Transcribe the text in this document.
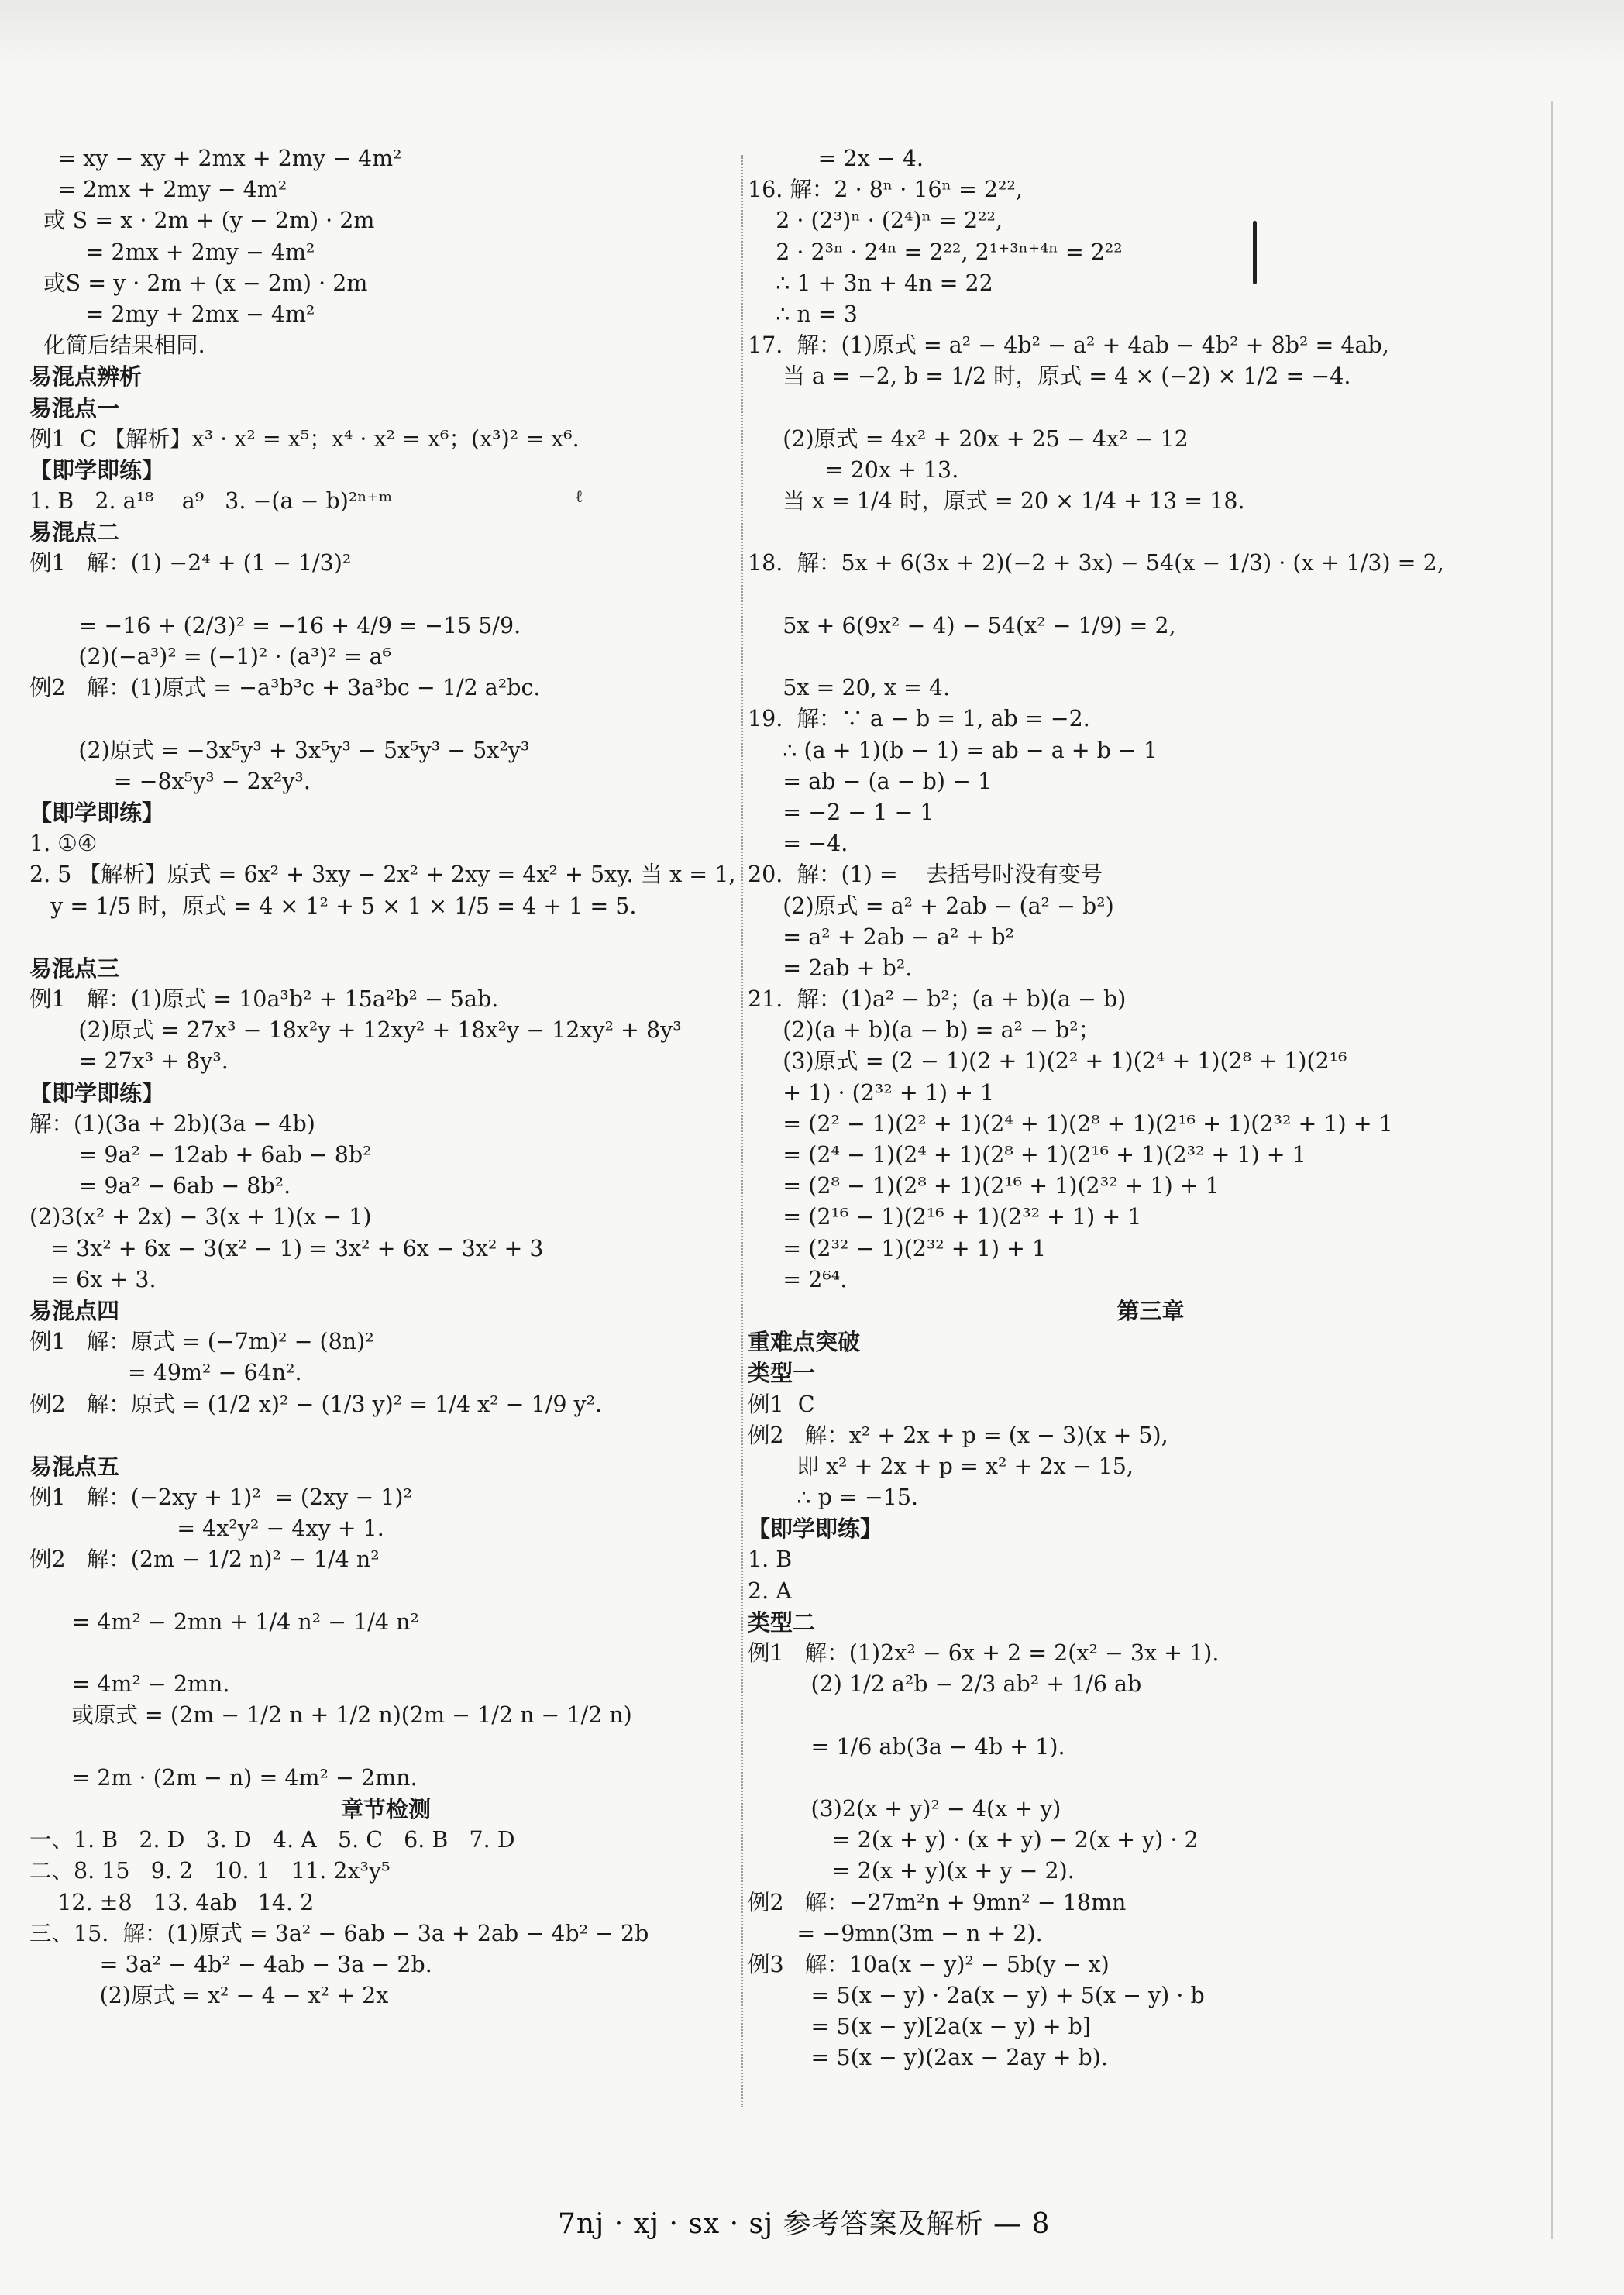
ℓ
= xy − xy + 2mx + 2my − 4m²
= 2mx + 2my − 4m²
或 S = x · 2m + (y − 2m) · 2m
= 2mx + 2my − 4m²
或S = y · 2m + (x − 2m) · 2m
= 2my + 2mx − 4m²
化简后结果相同.
易混点辨析
易混点一
例1  C 【解析】x³ · x² = x⁵；x⁴ · x² = x⁶；(x³)² = x⁶.
【即学即练】
1. B   2. a¹⁸    a⁹   3. −(a − b)²ⁿ⁺ᵐ
易混点二
例1   解：(1) −2⁴ + (1 − 1/3)²
= −16 + (2/3)² = −16 + 4/9 = −15 5/9.
(2)(−a³)² = (−1)² · (a³)² = a⁶
例2   解：(1)原式 = −a³b³c + 3a³bc − 1/2 a²bc.
(2)原式 = −3x⁵y³ + 3x⁵y³ − 5x⁵y³ − 5x²y³
= −8x⁵y³ − 2x²y³.
【即学即练】
1. ①④
2. 5 【解析】原式 = 6x² + 3xy − 2x² + 2xy = 4x² + 5xy. 当 x = 1,
y = 1/5 时，原式 = 4 × 1² + 5 × 1 × 1/5 = 4 + 1 = 5.
易混点三
例1   解：(1)原式 = 10a³b² + 15a²b² − 5ab.
(2)原式 = 27x³ − 18x²y + 12xy² + 18x²y − 12xy² + 8y³
= 27x³ + 8y³.
【即学即练】
解：(1)(3a + 2b)(3a − 4b)
= 9a² − 12ab + 6ab − 8b²
= 9a² − 6ab − 8b².
(2)3(x² + 2x) − 3(x + 1)(x − 1)
= 3x² + 6x − 3(x² − 1) = 3x² + 6x − 3x² + 3
= 6x + 3.
易混点四
例1   解：原式 = (−7m)² − (8n)²
= 49m² − 64n².
例2   解：原式 = (1/2 x)² − (1/3 y)² = 1/4 x² − 1/9 y².
易混点五
例1   解：(−2xy + 1)²  = (2xy − 1)²
= 4x²y² − 4xy + 1.
例2   解：(2m − 1/2 n)² − 1/4 n²
= 4m² − 2mn + 1/4 n² − 1/4 n²
= 4m² − 2mn.
或原式 = (2m − 1/2 n + 1/2 n)(2m − 1/2 n − 1/2 n)
= 2m · (2m − n) = 4m² − 2mn.
章节检测
一、1. B   2. D   3. D   4. A   5. C   6. B   7. D
二、8. 15   9. 2   10. 1   11. 2x³y⁵
12. ±8   13. 4ab   14. 2
三、15.  解：(1)原式 = 3a² − 6ab − 3a + 2ab − 4b² − 2b
= 3a² − 4b² − 4ab − 3a − 2b.
(2)原式 = x² − 4 − x² + 2x
= 2x − 4.
16. 解：2 · 8ⁿ · 16ⁿ = 2²²,
2 · (2³)ⁿ · (2⁴)ⁿ = 2²²,
2 · 2³ⁿ · 2⁴ⁿ = 2²², 2¹⁺³ⁿ⁺⁴ⁿ = 2²²
∴ 1 + 3n + 4n = 22
∴ n = 3
17.  解：(1)原式 = a² − 4b² − a² + 4ab − 4b² + 8b² = 4ab,
当 a = −2, b = 1/2 时，原式 = 4 × (−2) × 1/2 = −4.
(2)原式 = 4x² + 20x + 25 − 4x² − 12
= 20x + 13.
当 x = 1/4 时，原式 = 20 × 1/4 + 13 = 18.
18.  解：5x + 6(3x + 2)(−2 + 3x) − 54(x − 1/3) · (x + 1/3) = 2,
5x + 6(9x² − 4) − 54(x² − 1/9) = 2,
5x = 20, x = 4.
19.  解：∵ a − b = 1, ab = −2.
∴ (a + 1)(b − 1) = ab − a + b − 1
= ab − (a − b) − 1
= −2 − 1 − 1
= −4.
20.  解：(1) =    去括号时没有变号
(2)原式 = a² + 2ab − (a² − b²)
= a² + 2ab − a² + b²
= 2ab + b².
21.  解：(1)a² − b²；(a + b)(a − b)
(2)(a + b)(a − b) = a² − b²；
(3)原式 = (2 − 1)(2 + 1)(2² + 1)(2⁴ + 1)(2⁸ + 1)(2¹⁶
+ 1) · (2³² + 1) + 1
= (2² − 1)(2² + 1)(2⁴ + 1)(2⁸ + 1)(2¹⁶ + 1)(2³² + 1) + 1
= (2⁴ − 1)(2⁴ + 1)(2⁸ + 1)(2¹⁶ + 1)(2³² + 1) + 1
= (2⁸ − 1)(2⁸ + 1)(2¹⁶ + 1)(2³² + 1) + 1
= (2¹⁶ − 1)(2¹⁶ + 1)(2³² + 1) + 1
= (2³² − 1)(2³² + 1) + 1
= 2⁶⁴.
第三章
重难点突破
类型一
例1  C
例2   解：x² + 2x + p = (x − 3)(x + 5),
即 x² + 2x + p = x² + 2x − 15,
∴ p = −15.
【即学即练】
1. B
2. A
类型二
例1   解：(1)2x² − 6x + 2 = 2(x² − 3x + 1).
(2) 1/2 a²b − 2/3 ab² + 1/6 ab
= 1/6 ab(3a − 4b + 1).
(3)2(x + y)² − 4(x + y)
= 2(x + y) · (x + y) − 2(x + y) · 2
= 2(x + y)(x + y − 2).
例2   解：−27m²n + 9mn² − 18mn
= −9mn(3m − n + 2).
例3   解：10a(x − y)² − 5b(y − x)
= 5(x − y) · 2a(x − y) + 5(x − y) · b
= 5(x − y)[2a(x − y) + b]
= 5(x − y)(2ax − 2ay + b).
7nj · xj · sx · sj 参考答案及解析 — 8
